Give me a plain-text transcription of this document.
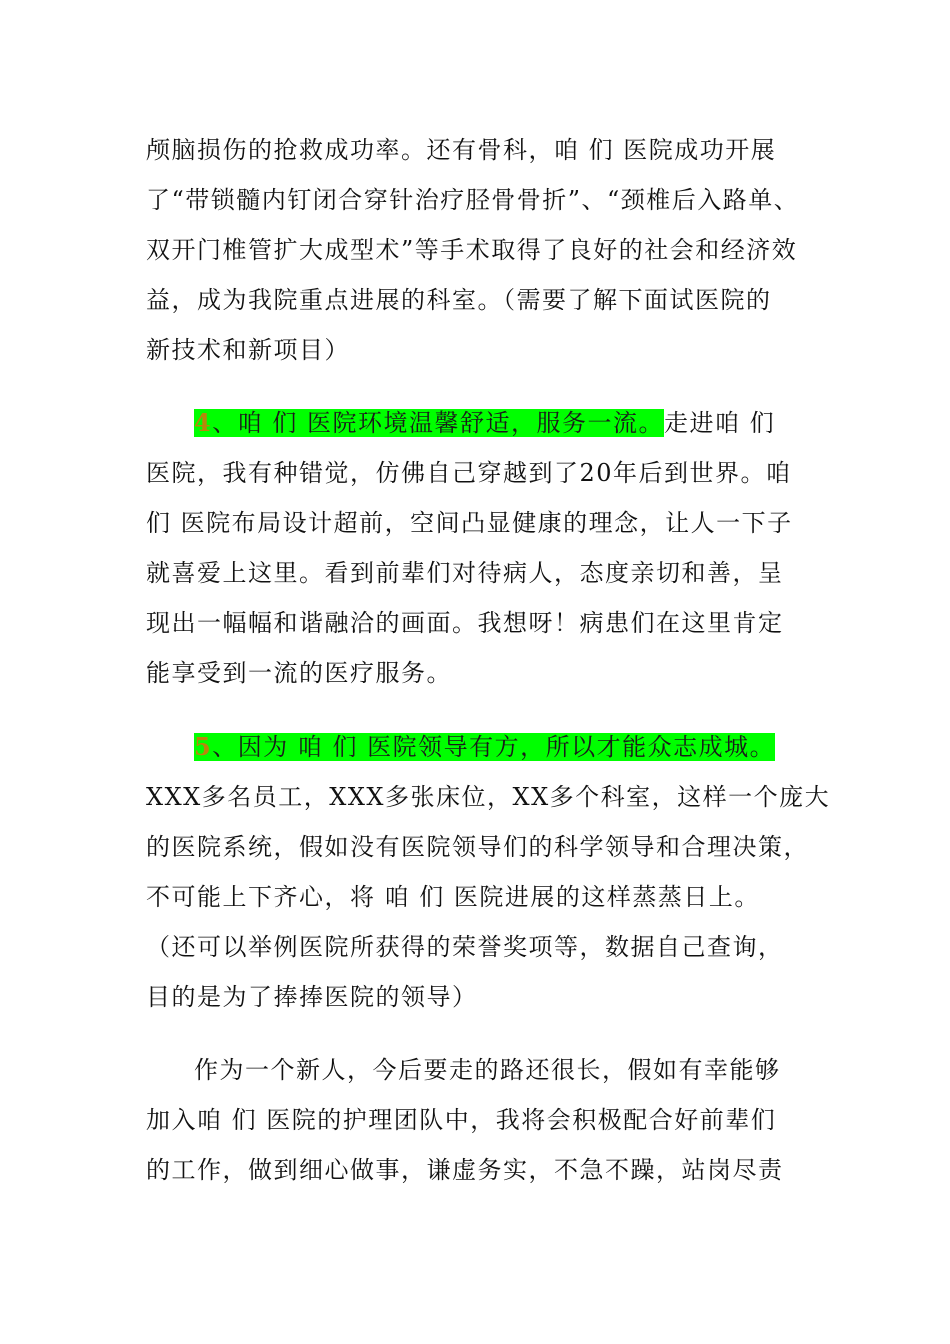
颅脑损伤的抢救成功率。还有骨科，咱 们 医院成功开展
了“带锁髓内钉闭合穿针治疗胫骨骨折”、“颈椎后入路单、
双开门椎管扩大成型术”等手术取得了良好的社会和经济效
益，成为我院重点进展的科室。（需要了解下面试医院的
新技术和新项目）
4、咱 们 医院环境温馨舒适，服务一流。走进咱 们
医院，我有种错觉，仿佛自己穿越到了20年后到世界。咱
们 医院布局设计超前，空间凸显健康的理念，让人一下子
就喜爱上这里。看到前辈们对待病人，态度亲切和善，呈
现出一幅幅和谐融洽的画面。我想呀！病患们在这里肯定
能享受到一流的医疗服务。
5、因为 咱 们 医院领导有方，所以才能众志成城。
XXX多名员工，XXX多张床位，XX多个科室，这样一个庞大
的医院系统，假如没有医院领导们的科学领导和合理决策，
不可能上下齐心，将 咱 们 医院进展的这样蒸蒸日上。
（还可以举例医院所获得的荣誉奖项等，数据自己查询，
目的是为了捧捧医院的领导）
作为一个新人，今后要走的路还很长，假如有幸能够
加入咱 们 医院的护理团队中，我将会积极配合好前辈们
的工作，做到细心做事，谦虚务实，不急不躁，站岗尽责
